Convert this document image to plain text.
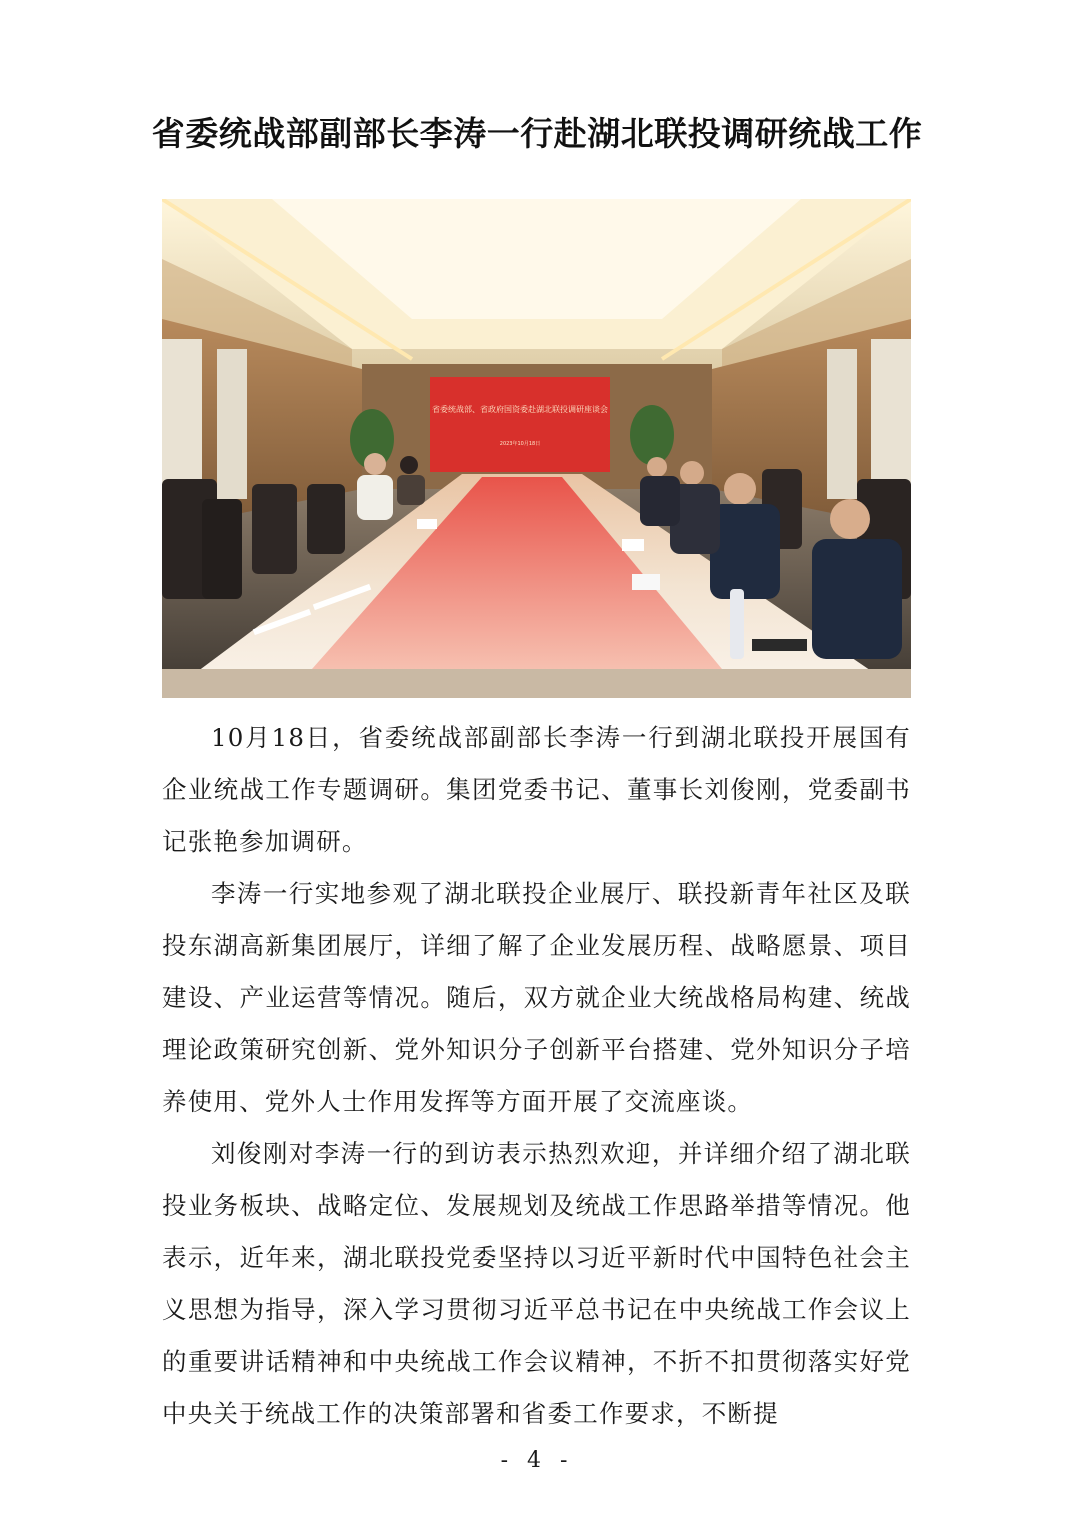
省委统战部副部长李涛一行赴湖北联投调研统战工作
省委统战部、省政府国资委赴湖北联投调研座谈会
2023年10月18日

10月18日，省委统战部副部长李涛一行到湖北联投开展国有企业统战工作专题调研。集团党委书记、董事长刘俊刚，党委副书记张艳参加调研。

李涛一行实地参观了湖北联投企业展厅、联投新青年社区及联投东湖高新集团展厅，详细了解了企业发展历程、战略愿景、项目建设、产业运营等情况。随后，双方就企业大统战格局构建、统战理论政策研究创新、党外知识分子创新平台搭建、党外知识分子培养使用、党外人士作用发挥等方面开展了交流座谈。

刘俊刚对李涛一行的到访表示热烈欢迎，并详细介绍了湖北联投业务板块、战略定位、发展规划及统战工作思路举措等情况。他表示，近年来，湖北联投党委坚持以习近平新时代中国特色社会主义思想为指导，深入学习贯彻习近平总书记在中央统战工作会议上的重要讲话精神和中央统战工作会议精神，不折不扣贯彻落实好党中央关于统战工作的决策部署和省委工作要求，不断提

- 4 -
